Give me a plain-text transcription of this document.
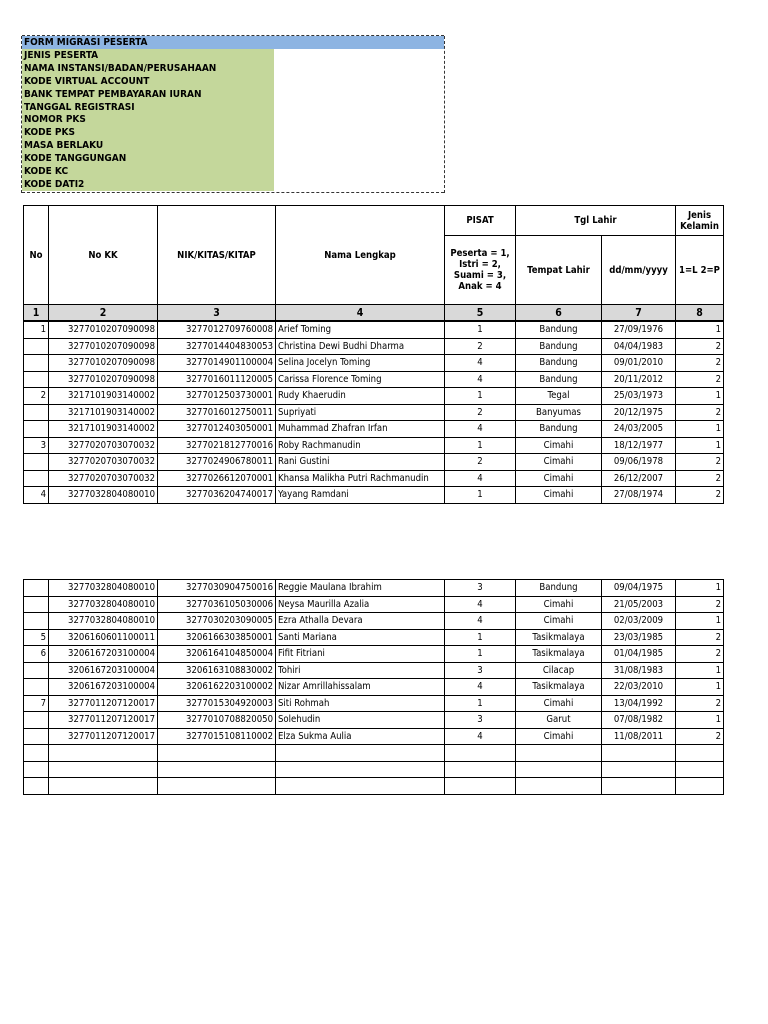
FORM MIGRASI PESERTA
JENIS PESERTA
NAMA INSTANSI/BADAN/PERUSAHAAN
KODE VIRTUAL ACCOUNT
BANK TEMPAT PEMBAYARAN IURAN
TANGGAL REGISTRASI
NOMOR PKS
KODE PKS
MASA BERLAKU
KODE TANGGUNGAN
KODE KC
KODE DATI2
No	No KK	NIK/KITAS/KITAP	Nama Lengkap	PISAT	Tgl Lahir		Jenis Kelamin
				Peserta = 1, Istri = 2, Suami = 3, Anak = 4	Tempat Lahir	dd/mm/yyyy	1=L 2=P
1	2	3	4	5	6	7	8
1	3277010207090098	3277012709760008	Arief Toming	1	Bandung	27/09/1976	1
	3277010207090098	3277014404830053	Christina Dewi Budhi Dharma	2	Bandung	04/04/1983	2
	3277010207090098	3277014901100004	Selina Jocelyn Toming	4	Bandung	09/01/2010	2
	3277010207090098	3277016011120005	Carissa Florence Toming	4	Bandung	20/11/2012	2
2	3217101903140002	3277012503730001	Rudy Khaerudin	1	Tegal	25/03/1973	1
	3217101903140002	3277016012750011	Supriyati	2	Banyumas	20/12/1975	2
	3217101903140002	3277012403050001	Muhammad Zhafran Irfan	4	Bandung	24/03/2005	1
3	3277020703070032	3277021812770016	Roby Rachmanudin	1	Cimahi	18/12/1977	1
	3277020703070032	3277024906780011	Rani Gustini	2	Cimahi	09/06/1978	2
	3277020703070032	3277026612070001	Khansa Malikha Putri Rachmanudin	4	Cimahi	26/12/2007	2
4	3277032804080010	3277036204740017	Yayang Ramdani	1	Cimahi	27/08/1974	2
	3277032804080010	3277030904750016	Reggie Maulana Ibrahim	3	Bandung	09/04/1975	1
	3277032804080010	3277036105030006	Neysa Maurilla Azalia	4	Cimahi	21/05/2003	2
	3277032804080010	3277030203090005	Ezra Athalla Devara	4	Cimahi	02/03/2009	1
5	3206160601100011	3206166303850001	Santi Mariana	1	Tasikmalaya	23/03/1985	2
6	3206167203100004	3206164104850004	Fifit Fitriani	1	Tasikmalaya	01/04/1985	2
	3206167203100004	3206163108830002	Tohiri	3	Cilacap	31/08/1983	1
	3206167203100004	3206162203100002	Nizar Amrillahissalam	4	Tasikmalaya	22/03/2010	1
7	3277011207120017	3277015304920003	Siti Rohmah	1	Cimahi	13/04/1992	2
	3277011207120017	3277010708820050	Solehudin	3	Garut	07/08/1982	1
	3277011207120017	3277015108110002	Elza Sukma Aulia	4	Cimahi	11/08/2011	2
